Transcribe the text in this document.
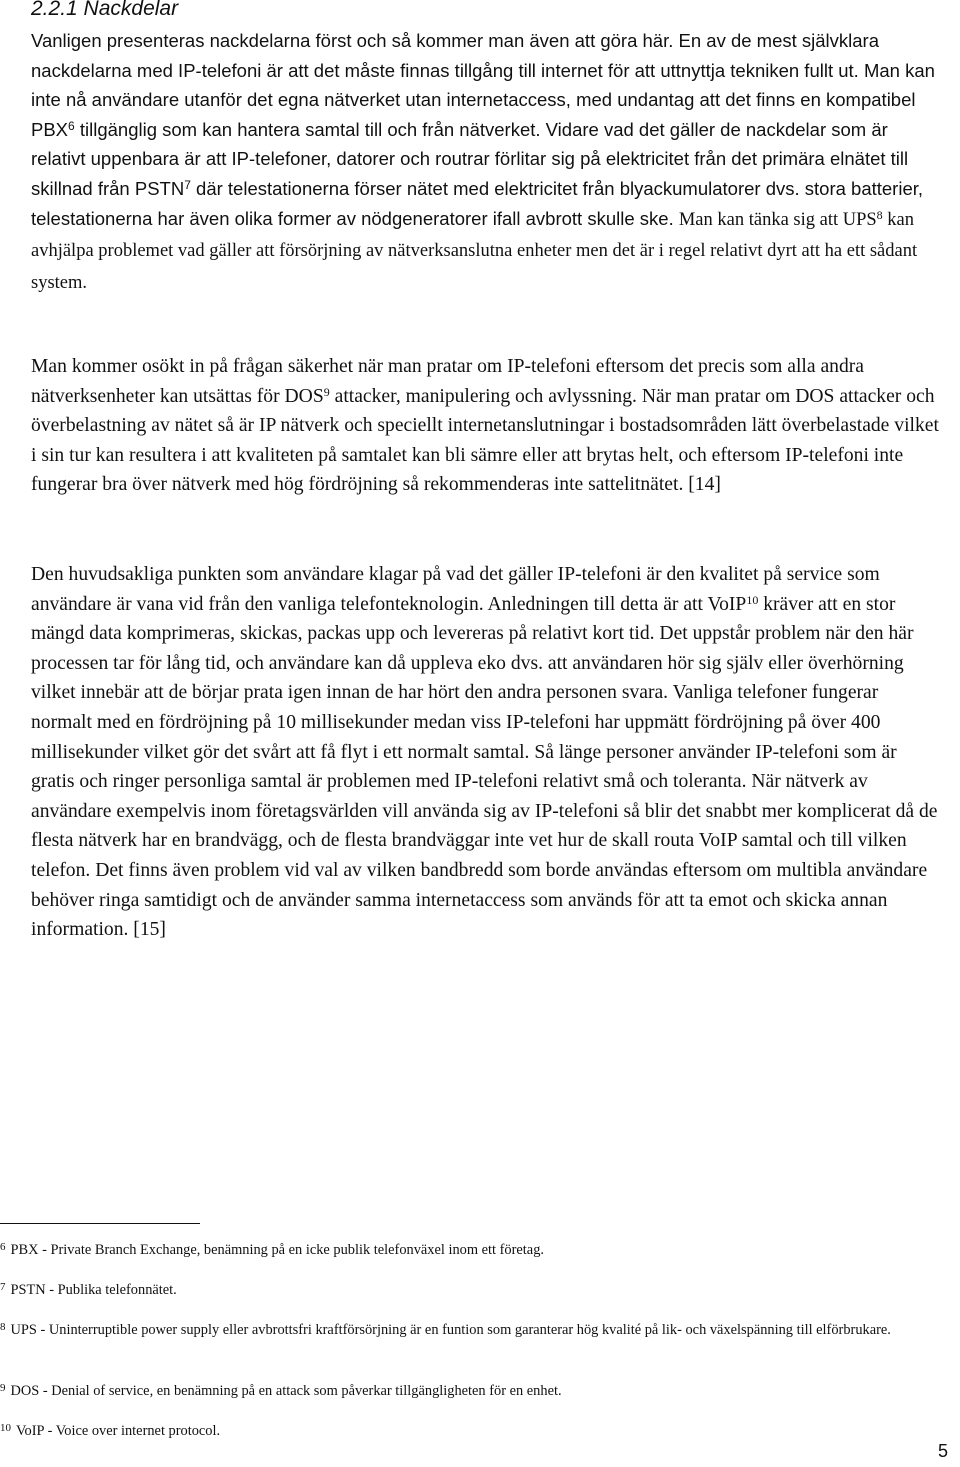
2.2.1 Nackdelar
Vanligen presenteras nackdelarna först och så kommer man även att göra här. En av de mest självklara nackdelarna med IP-telefoni är att det måste finnas tillgång till internet för att uttnyttja tekniken fullt ut. Man kan inte nå användare utanför det egna nätverket utan internetaccess, med undantag att det finns en kompatibel PBX$^6$ tillgänglig som kan hantera samtal till och från nätverket. Vidare vad det gäller de nackdelar som är relativt uppenbara är att IP-telefoner, datorer och routrar förlitar sig på elektricitet från det primära elnätet till skillnad från PSTN$^7$ där telestationerna förser nätet med elektricitet från blyackumulatorer dvs. stora batterier, telestationerna har även olika former av nödgeneratorer ifall avbrott skulle ske. Man kan tänka sig att UPS$^8$ kan avhjälpa problemet vad gäller att försörjning av nätverksanslutna enheter men det är i regel relativt dyrt att ha ett sådant system.
Man kommer osökt in på frågan säkerhet när man pratar om IP-telefoni eftersom det precis som alla andra nätverksenheter kan utsättas för DOS$^9$ attacker, manipulering och avlyssning. När man pratar om DOS attacker och överbelastning av nätet så är IP nätverk och speciellt internetanslutningar i bostadsområden lätt överbelastade vilket i sin tur kan resultera i att kvaliteten på samtalet kan bli sämre eller att brytas helt, och eftersom IP-telefoni inte fungerar bra över nätverk med hög fördröjning så rekommenderas inte sattelitnätet. [14]
Den huvudsakliga punkten som användare klagar på vad det gäller IP-telefoni är den kvalitet på service som användare är vana vid från den vanliga telefonteknologin. Anledningen till detta är att VoIP$^{10}$ kräver att en stor mängd data komprimeras, skickas, packas upp och levereras på relativt kort tid. Det uppstår problem när den här processen tar för lång tid, och användare kan då uppleva eko dvs. att användaren hör sig själv eller överhörning vilket innebär att de börjar prata igen innan de har hört den andra personen svara. Vanliga telefoner fungerar normalt med en fördröjning på 10 millisekunder medan viss IP-telefoni har uppmätt fördröjning på över 400 millisekunder vilket gör det svårt att få flyt i ett normalt samtal. Så länge personer använder IP-telefoni som är gratis och ringer personliga samtal är problemen med IP-telefoni relativt små och toleranta. När nätverk av användare exempelvis inom företagsvärlden vill använda sig av IP-telefoni så blir det snabbt mer komplicerat då de flesta nätverk har en brandvägg, och de flesta brandväggar inte vet hur de skall routa VoIP samtal och till vilken telefon. Det finns även problem vid val av vilken bandbredd som borde användas eftersom om multibla användare behöver ringa samtidigt och de använder samma internetaccess som används för att ta emot och skicka annan information. [15]
$^6$ PBX - Private Branch Exchange, benämning på en icke publik telefonväxel inom ett företag.
$^7$ PSTN - Publika telefonnätet.
$^8$ UPS - Uninterruptible power supply eller avbrottsfri kraftförsörjning är en funtion som garanterar hög kvalité på lik- och växelspänning till elförbrukare.
$^9$ DOS - Denial of service, en benämning på en attack som påverkar tillgängligheten för en enhet.
$^{10}$ VoIP - Voice over internet protocol.
5
